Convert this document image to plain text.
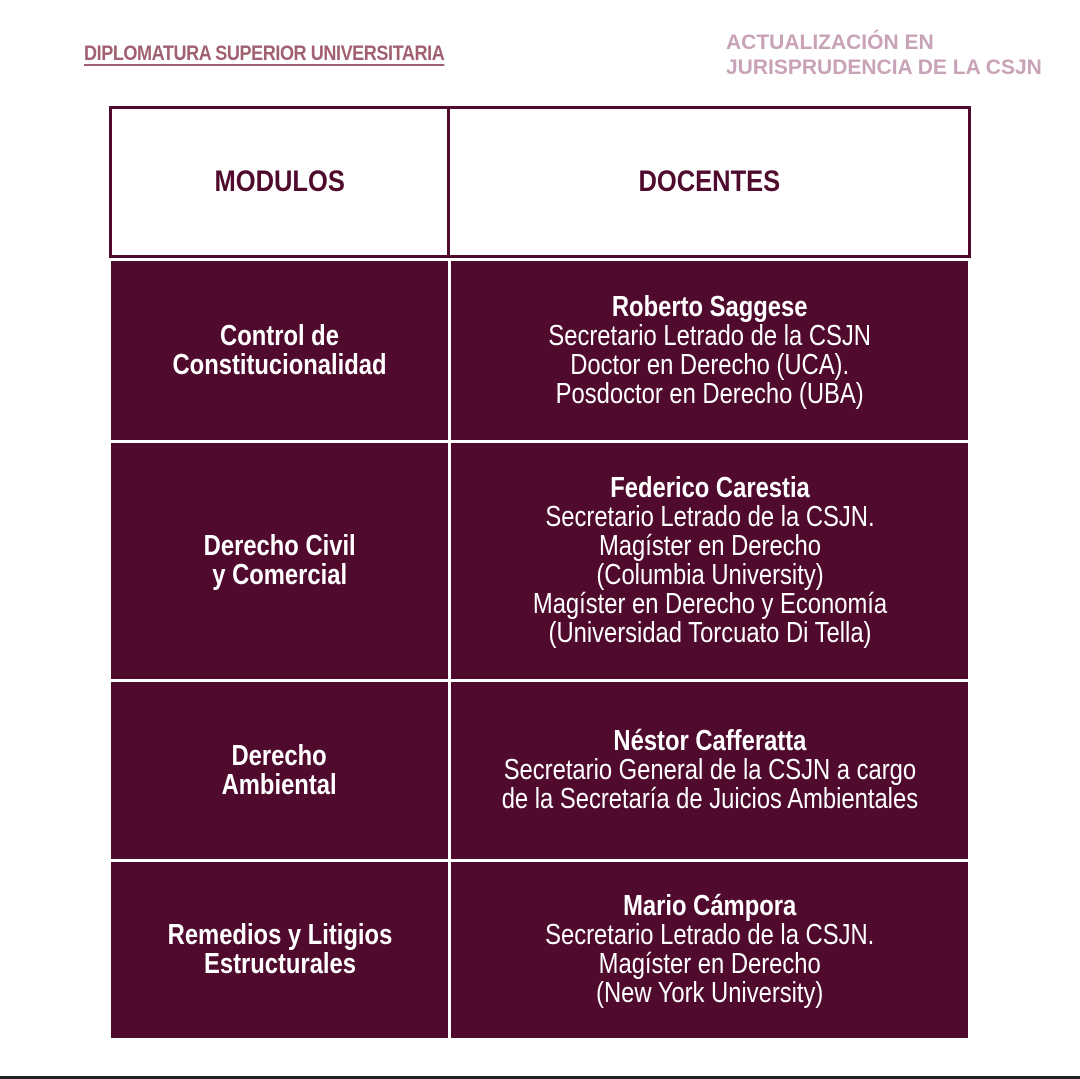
DIPLOMATURA SUPERIOR UNIVERSITARIA	ACTUALIZACIÓN EN
JURISPRUDENCIA DE LA CSJN
MODULOS	DOCENTES
Control de
Constitucionalidad
Roberto Saggese
Secretario Letrado de la CSJN
Doctor en Derecho (UCA).
Posdoctor en Derecho (UBA)
Derecho Civil
y Comercial
Federico Carestia
Secretario Letrado de la CSJN.
Magíster en Derecho
(Columbia University)
Magíster en Derecho y Economía
(Universidad Torcuato Di Tella)
Derecho
Ambiental
Néstor Cafferatta
Secretario General de la CSJN a cargo
de la Secretaría de Juicios Ambientales
Remedios y Litigios
Estructurales
Mario Cámpora
Secretario Letrado de la CSJN.
Magíster en Derecho
(New York University)
